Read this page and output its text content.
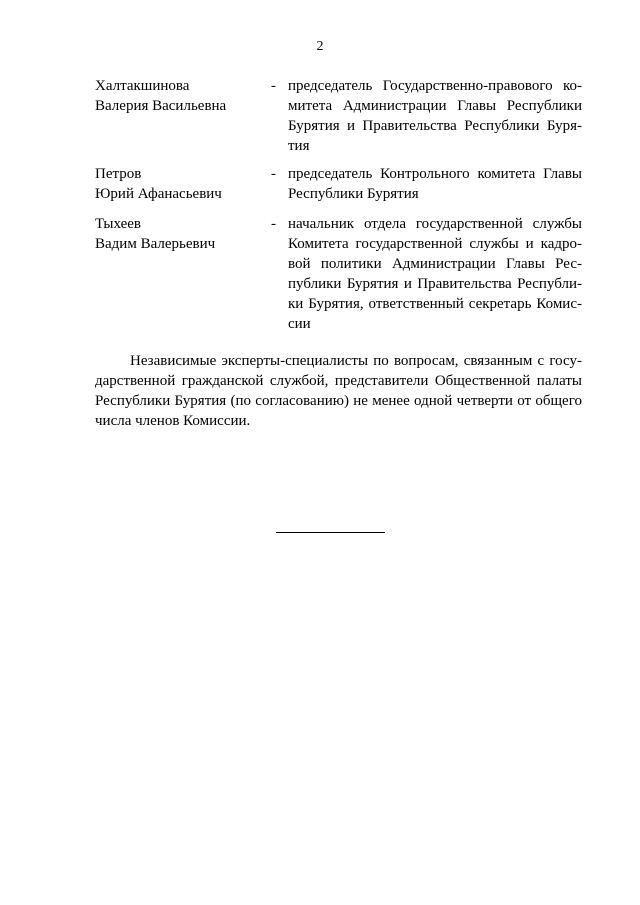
2
Халтакшинова
Валерия Васильевна
- председатель Государственно-правового ко-
митета Администрации Главы Республики
Бурятия и Правительства Республики Буря-
тия
Петров
Юрий Афанасьевич
- председатель Контрольного комитета Главы
Республики Бурятия
Тыхеев
Вадим Валерьевич
- начальник отдела государственной службы
Комитета государственной службы и кадро-
вой политики Администрации Главы Рес-
публики Бурятия и Правительства Республи-
ки Бурятия, ответственный секретарь Комис-
сии
Независимые эксперты-специалисты по вопросам, связанным с госу-
дарственной гражданской службой, представители Общественной палаты
Республики Бурятия (по согласованию) не менее одной четверти от общего
числа членов Комиссии.
